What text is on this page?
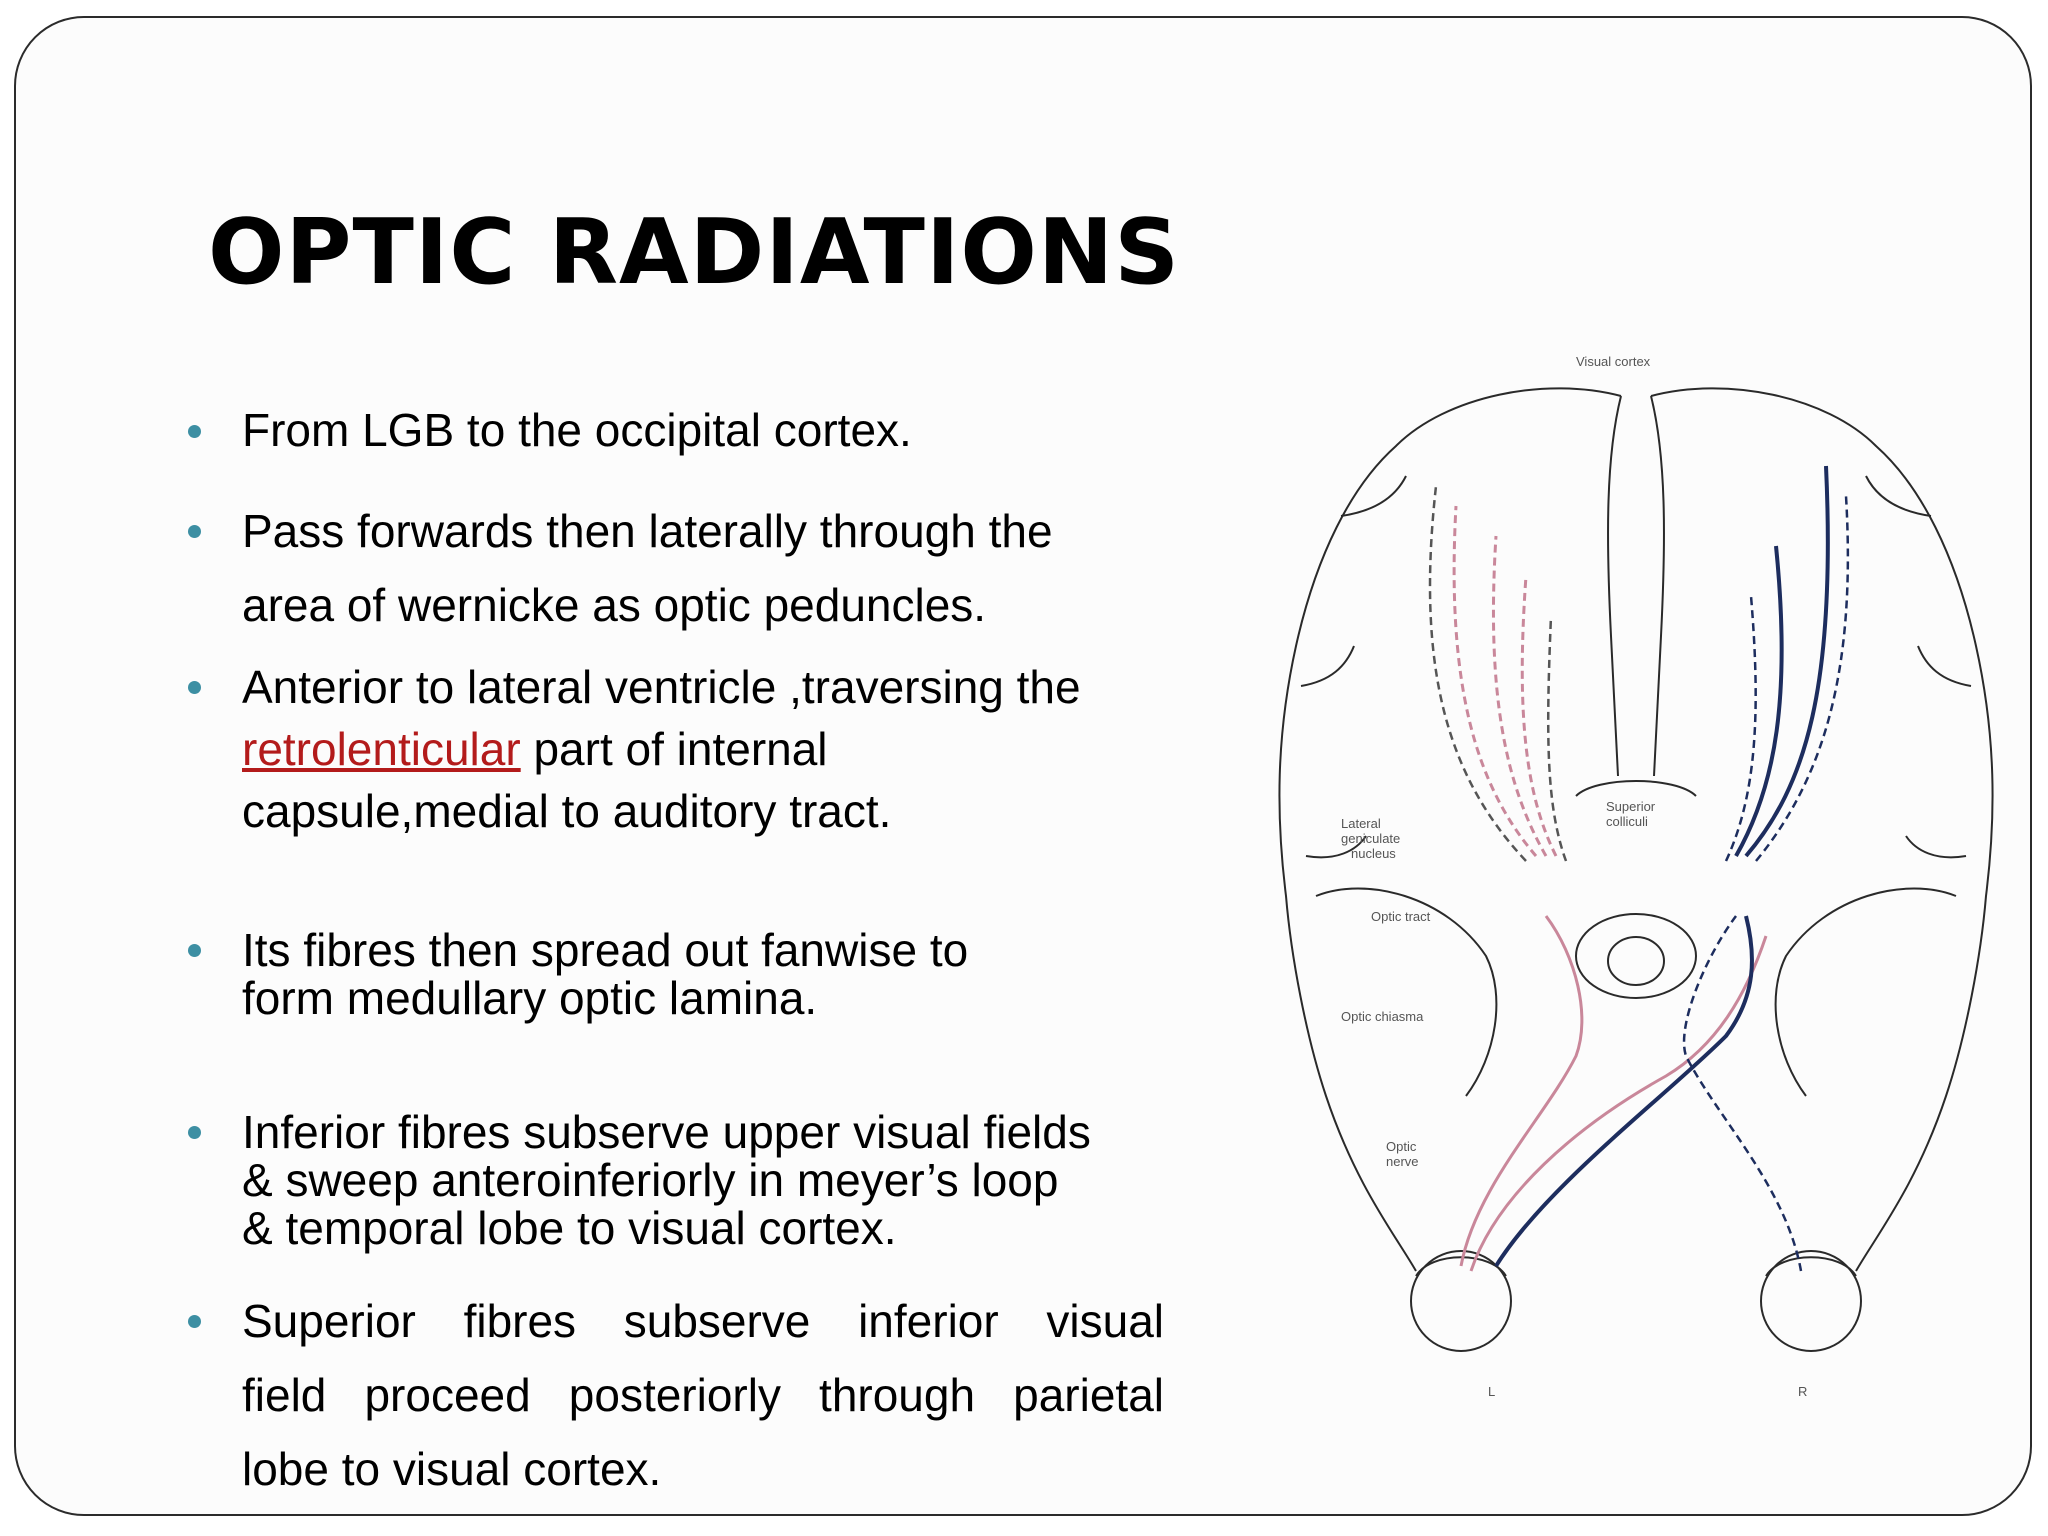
OPTIC RADIATIONS
From LGB to the occipital cortex.
Pass forwards then laterally through the
area of wernicke as optic peduncles.
Anterior to lateral ventricle ,traversing the
retrolenticular part of internal
capsule,medial to auditory tract.
Its fibres then spread out fanwise to
form medullary optic lamina.
Inferior fibres subserve upper visual fields
& sweep anteroinferiorly in meyer’s loop
& temporal lobe to visual cortex.
Superior fibres subserve inferior visual
field proceed posteriorly through parietal
lobe to visual cortex.
Visual cortex
Lateral
geniculate
nucleus
Superior
colliculi
Optic tract
Optic chiasma
Optic
nerve
L	R
